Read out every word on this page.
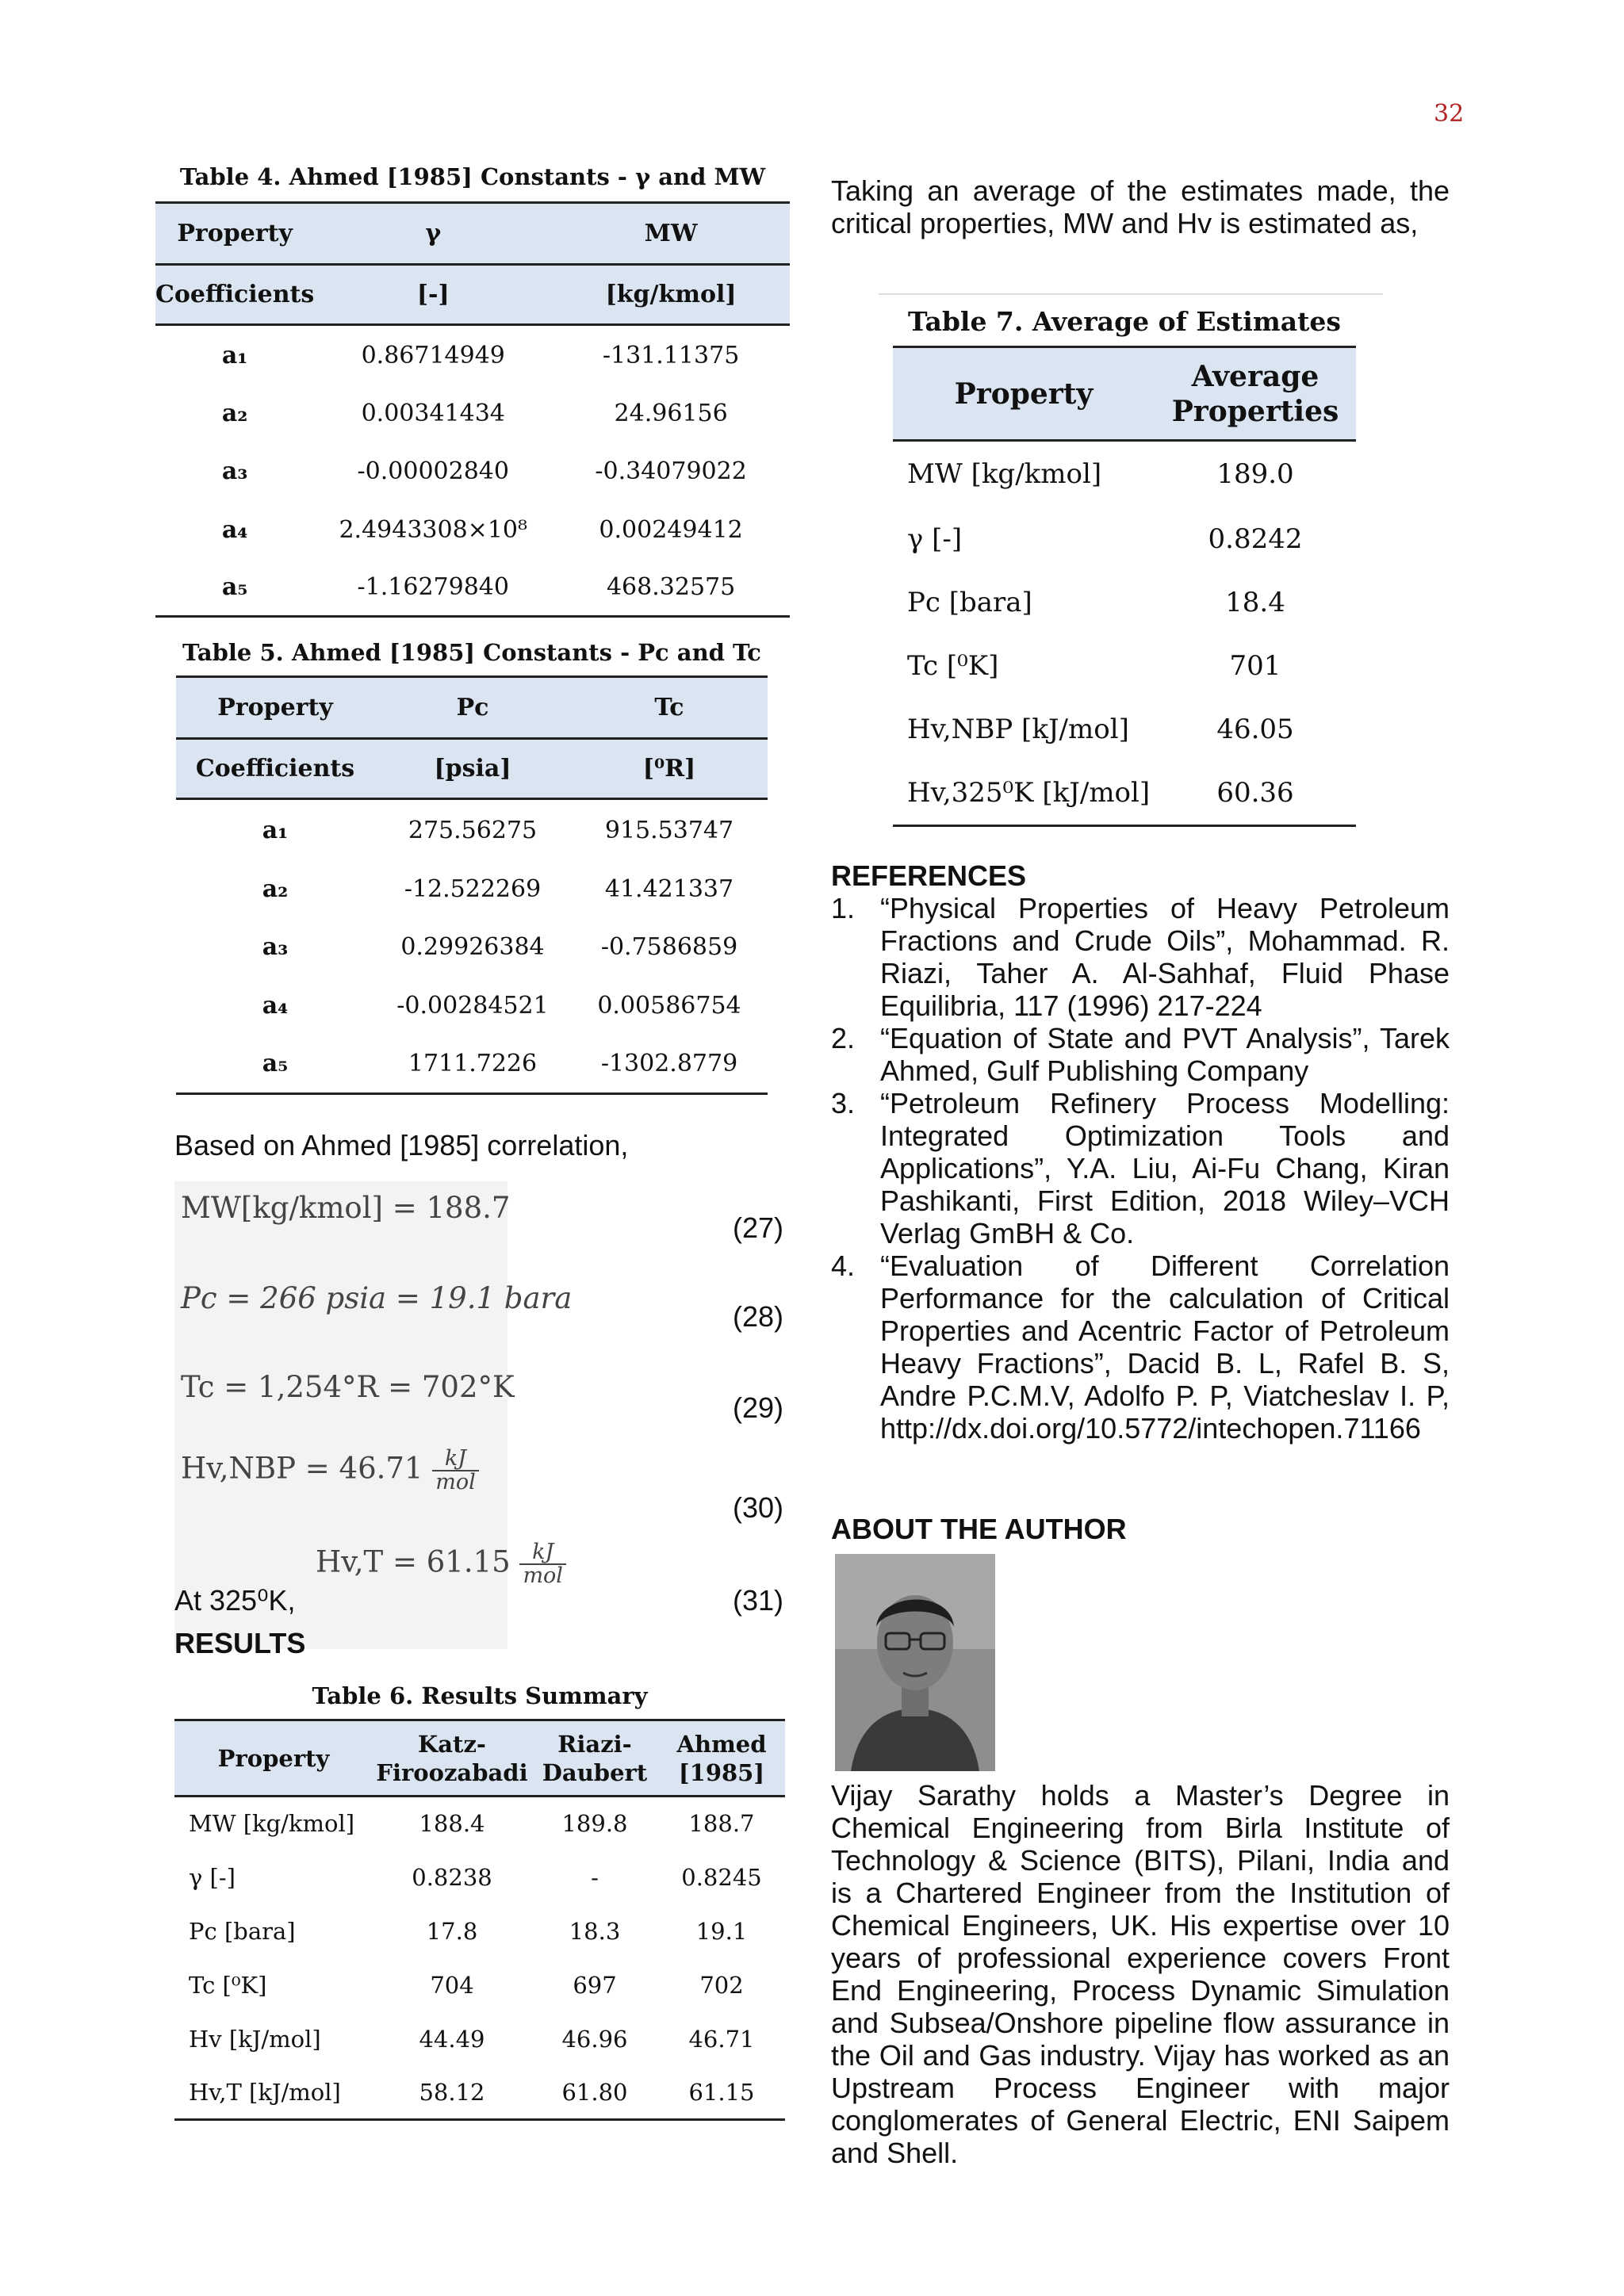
32
Table 4. Ahmed [1985] Constants - γ and MW
Property	γ	MW
Coefficients	[-]	[kg/kmol]
a₁	0.86714949	-131.11375
a₂	0.00341434	24.96156
a₃	-0.00002840	-0.34079022
a₄	2.4943308×10⁸	0.00249412
a₅	-1.16279840	468.32575
Table 5. Ahmed [1985] Constants - Pc and Tc
Property	Pc	Tc
Coefficients	[psia]	[⁰R]
a₁	275.56275	915.53747
a₂	-12.522269	41.421337
a₃	0.29926384	-0.7586859
a₄	-0.00284521	0.00586754
a₅	1711.7226	-1302.8779
Based on Ahmed [1985] correlation,
MW[kg/kmol] = 188.7
(27)
Pc = 266 psia = 19.1 bara
(28)
Tc = 1,254°R = 702°K
(29)
$Hv,NBP = 46.71 \frac{kJ}{\text{mol}}$
(30)
$Hv,T = 61.15 \frac{kJ}{\text{mol}}$
At 325⁰K,	(31)
RESULTS
Table 6. Results Summary
Property	Katz-Firoozabadi	Riazi-Daubert	Ahmed [1985]
MW [kg/kmol]	188.4	189.8	188.7
γ [-]	0.8238	-	0.8245
Pc [bara]	17.8	18.3	19.1
Tc [⁰K]	704	697	702
Hv [kJ/mol]	44.49	46.96	46.71
Hv,T [kJ/mol]	58.12	61.80	61.15
Taking an average of the estimates made, the critical properties, MW and Hv is estimated as,
Table 7. Average of Estimates
Property	Average Properties
MW [kg/kmol]	189.0
γ [-]	0.8242
Pc [bara]	18.4
Tc [⁰K]	701
Hv,NBP [kJ/mol]	46.05
Hv,325⁰K [kJ/mol]	60.36
REFERENCES
1. “Physical Properties of Heavy Petroleum Fractions and Crude Oils”, Mohammad. R. Riazi, Taher A. Al-Sahhaf, Fluid Phase Equilibria, 117 (1996) 217-224
2. “Equation of State and PVT Analysis”, Tarek Ahmed, Gulf Publishing Company
3. “Petroleum Refinery Process Modelling: Integrated Optimization Tools and Applications”, Y.A. Liu, Ai-Fu Chang, Kiran Pashikanti, First Edition, 2018 Wiley–VCH Verlag GmBH & Co.
4. “Evaluation of Different Correlation Performance for the calculation of Critical Properties and Acentric Factor of Petroleum Heavy Fractions”, Dacid B. L, Rafel B. S, Andre P.C.M.V, Adolfo P. P, Viatcheslav I. P, http://dx.doi.org/10.5772/intechopen.71166
ABOUT THE AUTHOR
Vijay Sarathy holds a Master’s Degree in Chemical Engineering from Birla Institute of Technology & Science (BITS), Pilani, India and is a Chartered Engineer from the Institution of Chemical Engineers, UK. His expertise over 10 years of professional experience covers Front End Engineering, Process Dynamic Simulation and Subsea/Onshore pipeline flow assurance in the Oil and Gas industry. Vijay has worked as an Upstream Process Engineer with major conglomerates of General Electric, ENI Saipem and Shell.
